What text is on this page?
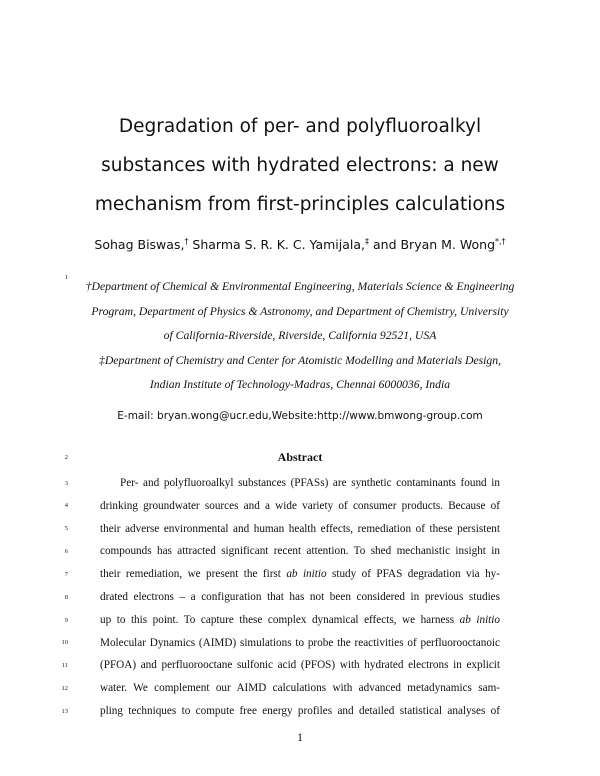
Degradation of per- and polyfluoroalkyl
substances with hydrated electrons: a new
mechanism from first-principles calculations
Sohag Biswas,† Sharma S. R. K. C. Yamijala,‡ and Bryan M. Wong*,†
1
†Department of Chemical & Environmental Engineering, Materials Science & Engineering
Program, Department of Physics & Astronomy, and Department of Chemistry, University
of California-Riverside, Riverside, California 92521, USA
‡Department of Chemistry and Center for Atomistic Modelling and Materials Design,
Indian Institute of Technology-Madras, Chennai 6000036, India
E-mail: bryan.wong@ucr.edu,Website:http://www.bmwong-group.com
2	Abstract
3
4
5
6
7
8
9
10
11
12
13
Per- and polyfluoroalkyl substances (PFASs) are synthetic contaminants found in
drinking groundwater sources and a wide variety of consumer products. Because of
their adverse environmental and human health effects, remediation of these persistent
compounds has attracted significant recent attention. To shed mechanistic insight in
their remediation, we present the first ab initio study of PFAS degradation via hy-
drated electrons – a configuration that has not been considered in previous studies
up to this point. To capture these complex dynamical effects, we harness ab initio
Molecular Dynamics (AIMD) simulations to probe the reactivities of perfluorooctanoic
(PFOA) and perfluorooctane sulfonic acid (PFOS) with hydrated electrons in explicit
water. We complement our AIMD calculations with advanced metadynamics sam-
pling techniques to compute free energy profiles and detailed statistical analyses of
1
